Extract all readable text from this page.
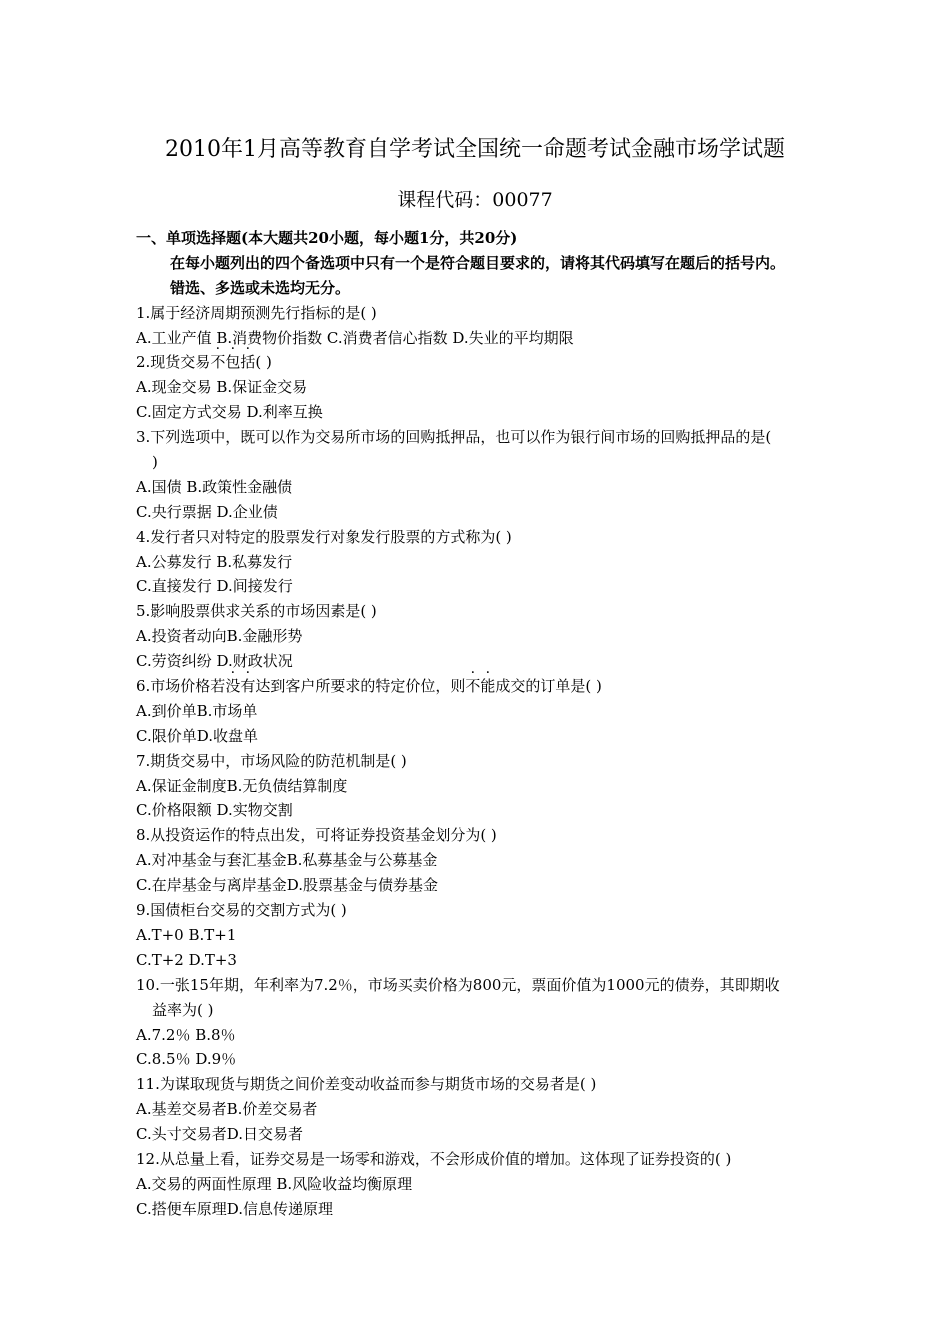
2010年1月高等教育自学考试全国统一命题考试金融市场学试题
课程代码：00077
一、单项选择题(本大题共20小题，每小题1分，共20分)
在每小题列出的四个备选项中只有一个是符合题目要求的，请将其代码填写在题后的括号内。
错选、多选或未选均无分。
1.属于经济周期预测先行指标的是( )
A.工业产值 B.消费物价指数 C.消费者信心指数 D.失业的平均期限
2.现货交易不包括( )
A.现金交易 B.保证金交易
C.固定方式交易 D.利率互换
3.下列选项中，既可以作为交易所市场的回购抵押品，也可以作为银行间市场的回购抵押品的是(
)
A.国债 B.政策性金融债
C.央行票据 D.企业债
4.发行者只对特定的股票发行对象发行股票的方式称为( )
A.公募发行 B.私募发行
C.直接发行 D.间接发行
5.影响股票供求关系的市场因素是( )
A.投资者动向B.金融形势
C.劳资纠纷 D.财政状况
6.市场价格若没有达到客户所要求的特定价位，则不能成交的订单是( )
A.到价单B.市场单
C.限价单D.收盘单
7.期货交易中，市场风险的防范机制是( )
A.保证金制度B.无负债结算制度
C.价格限额 D.实物交割
8.从投资运作的特点出发，可将证券投资基金划分为( )
A.对冲基金与套汇基金B.私募基金与公募基金
C.在岸基金与离岸基金D.股票基金与债券基金
9.国债柜台交易的交割方式为( )
A.T+0 B.T+1
C.T+2 D.T+3
10.一张15年期，年利率为7.2％，市场买卖价格为800元，票面价值为1000元的债券，其即期收
益率为( )
A.7.2％ B.8％
C.8.5％ D.9％
11.为谋取现货与期货之间价差变动收益而参与期货市场的交易者是( )
A.基差交易者B.价差交易者
C.头寸交易者D.日交易者
12.从总量上看，证券交易是一场零和游戏，不会形成价值的增加。这体现了证券投资的( )
A.交易的两面性原理 B.风险收益均衡原理
C.搭便车原理D.信息传递原理
